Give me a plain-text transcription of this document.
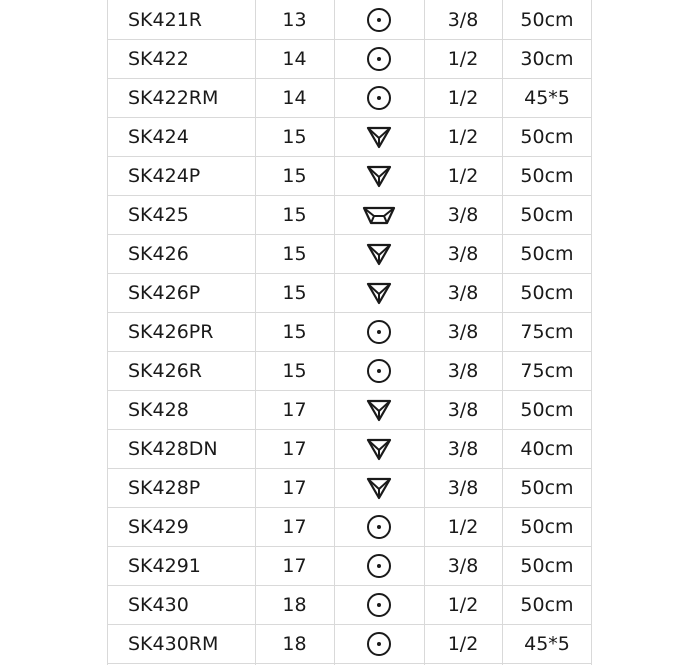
SK421R	13	3/8	50cm
SK422	14	1/2	30cm
SK422RM	14	1/2	45*5
SK424	15	1/2	50cm
SK424P	15	1/2	50cm
SK425	15	3/8	50cm
SK426	15	3/8	50cm
SK426P	15	3/8	50cm
SK426PR	15	3/8	75cm
SK426R	15	3/8	75cm
SK428	17	3/8	50cm
SK428DN	17	3/8	40cm
SK428P	17	3/8	50cm
SK429	17	1/2	50cm
SK4291	17	3/8	50cm
SK430	18	1/2	50cm
SK430RM	18	1/2	45*5
